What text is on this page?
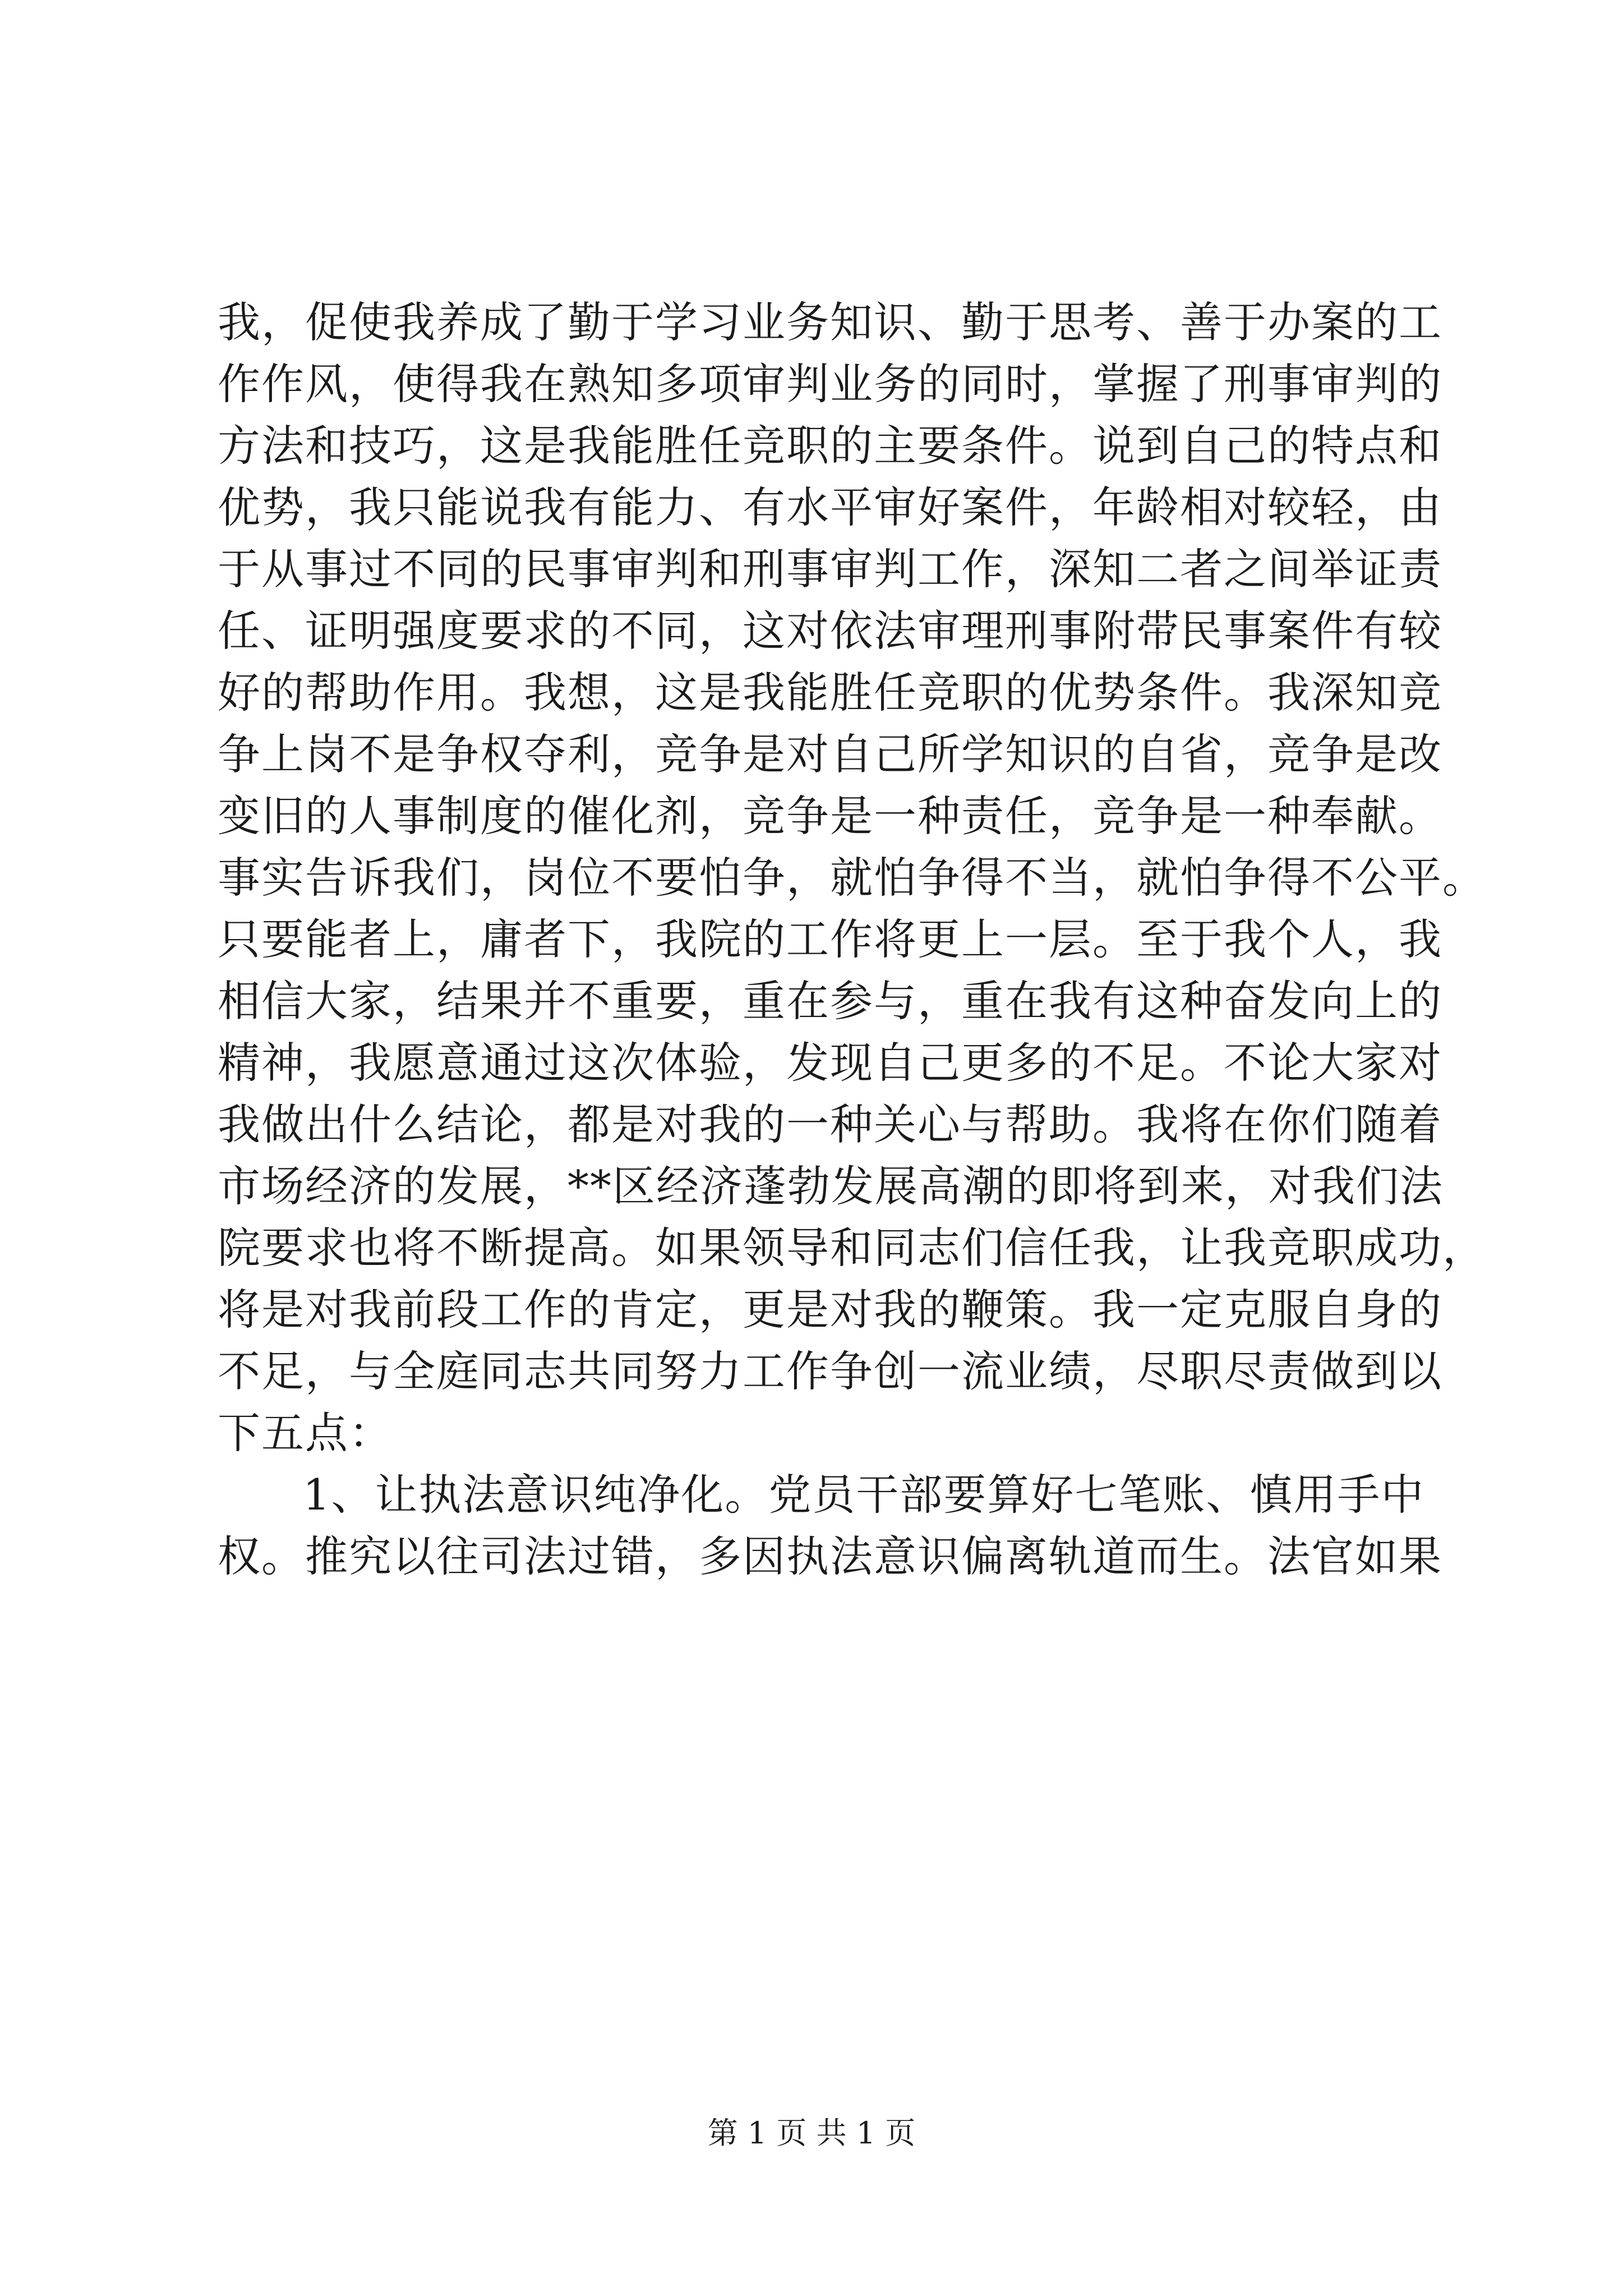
我，促使我养成了勤于学习业务知识、勤于思考、善于办案的工

作作风，使得我在熟知多项审判业务的同时，掌握了刑事审判的

方法和技巧，这是我能胜任竞职的主要条件。说到自己的特点和

优势，我只能说我有能力、有水平审好案件，年龄相对较轻，由

于从事过不同的民事审判和刑事审判工作，深知二者之间举证责

任、证明强度要求的不同，这对依法审理刑事附带民事案件有较

好的帮助作用。我想，这是我能胜任竞职的优势条件。我深知竞

争上岗不是争权夺利，竞争是对自己所学知识的自省，竞争是改

变旧的人事制度的催化剂，竞争是一种责任，竞争是一种奉献。

事实告诉我们，岗位不要怕争，就怕争得不当，就怕争得不公平。

只要能者上，庸者下，我院的工作将更上一层。至于我个人，我

相信大家，结果并不重要，重在参与，重在我有这种奋发向上的

精神，我愿意通过这次体验，发现自己更多的不足。不论大家对

我做出什么结论，都是对我的一种关心与帮助。我将在你们随着

市场经济的发展，**区经济蓬勃发展高潮的即将到来，对我们法

院要求也将不断提高。如果领导和同志们信任我，让我竞职成功，

将是对我前段工作的肯定，更是对我的鞭策。我一定克服自身的

不足，与全庭同志共同努力工作争创一流业绩，尽职尽责做到以

下五点：

1、让执法意识纯净化。党员干部要算好七笔账、慎用手中

权。推究以往司法过错，多因执法意识偏离轨道而生。法官如果

第 1 页 共 1 页
